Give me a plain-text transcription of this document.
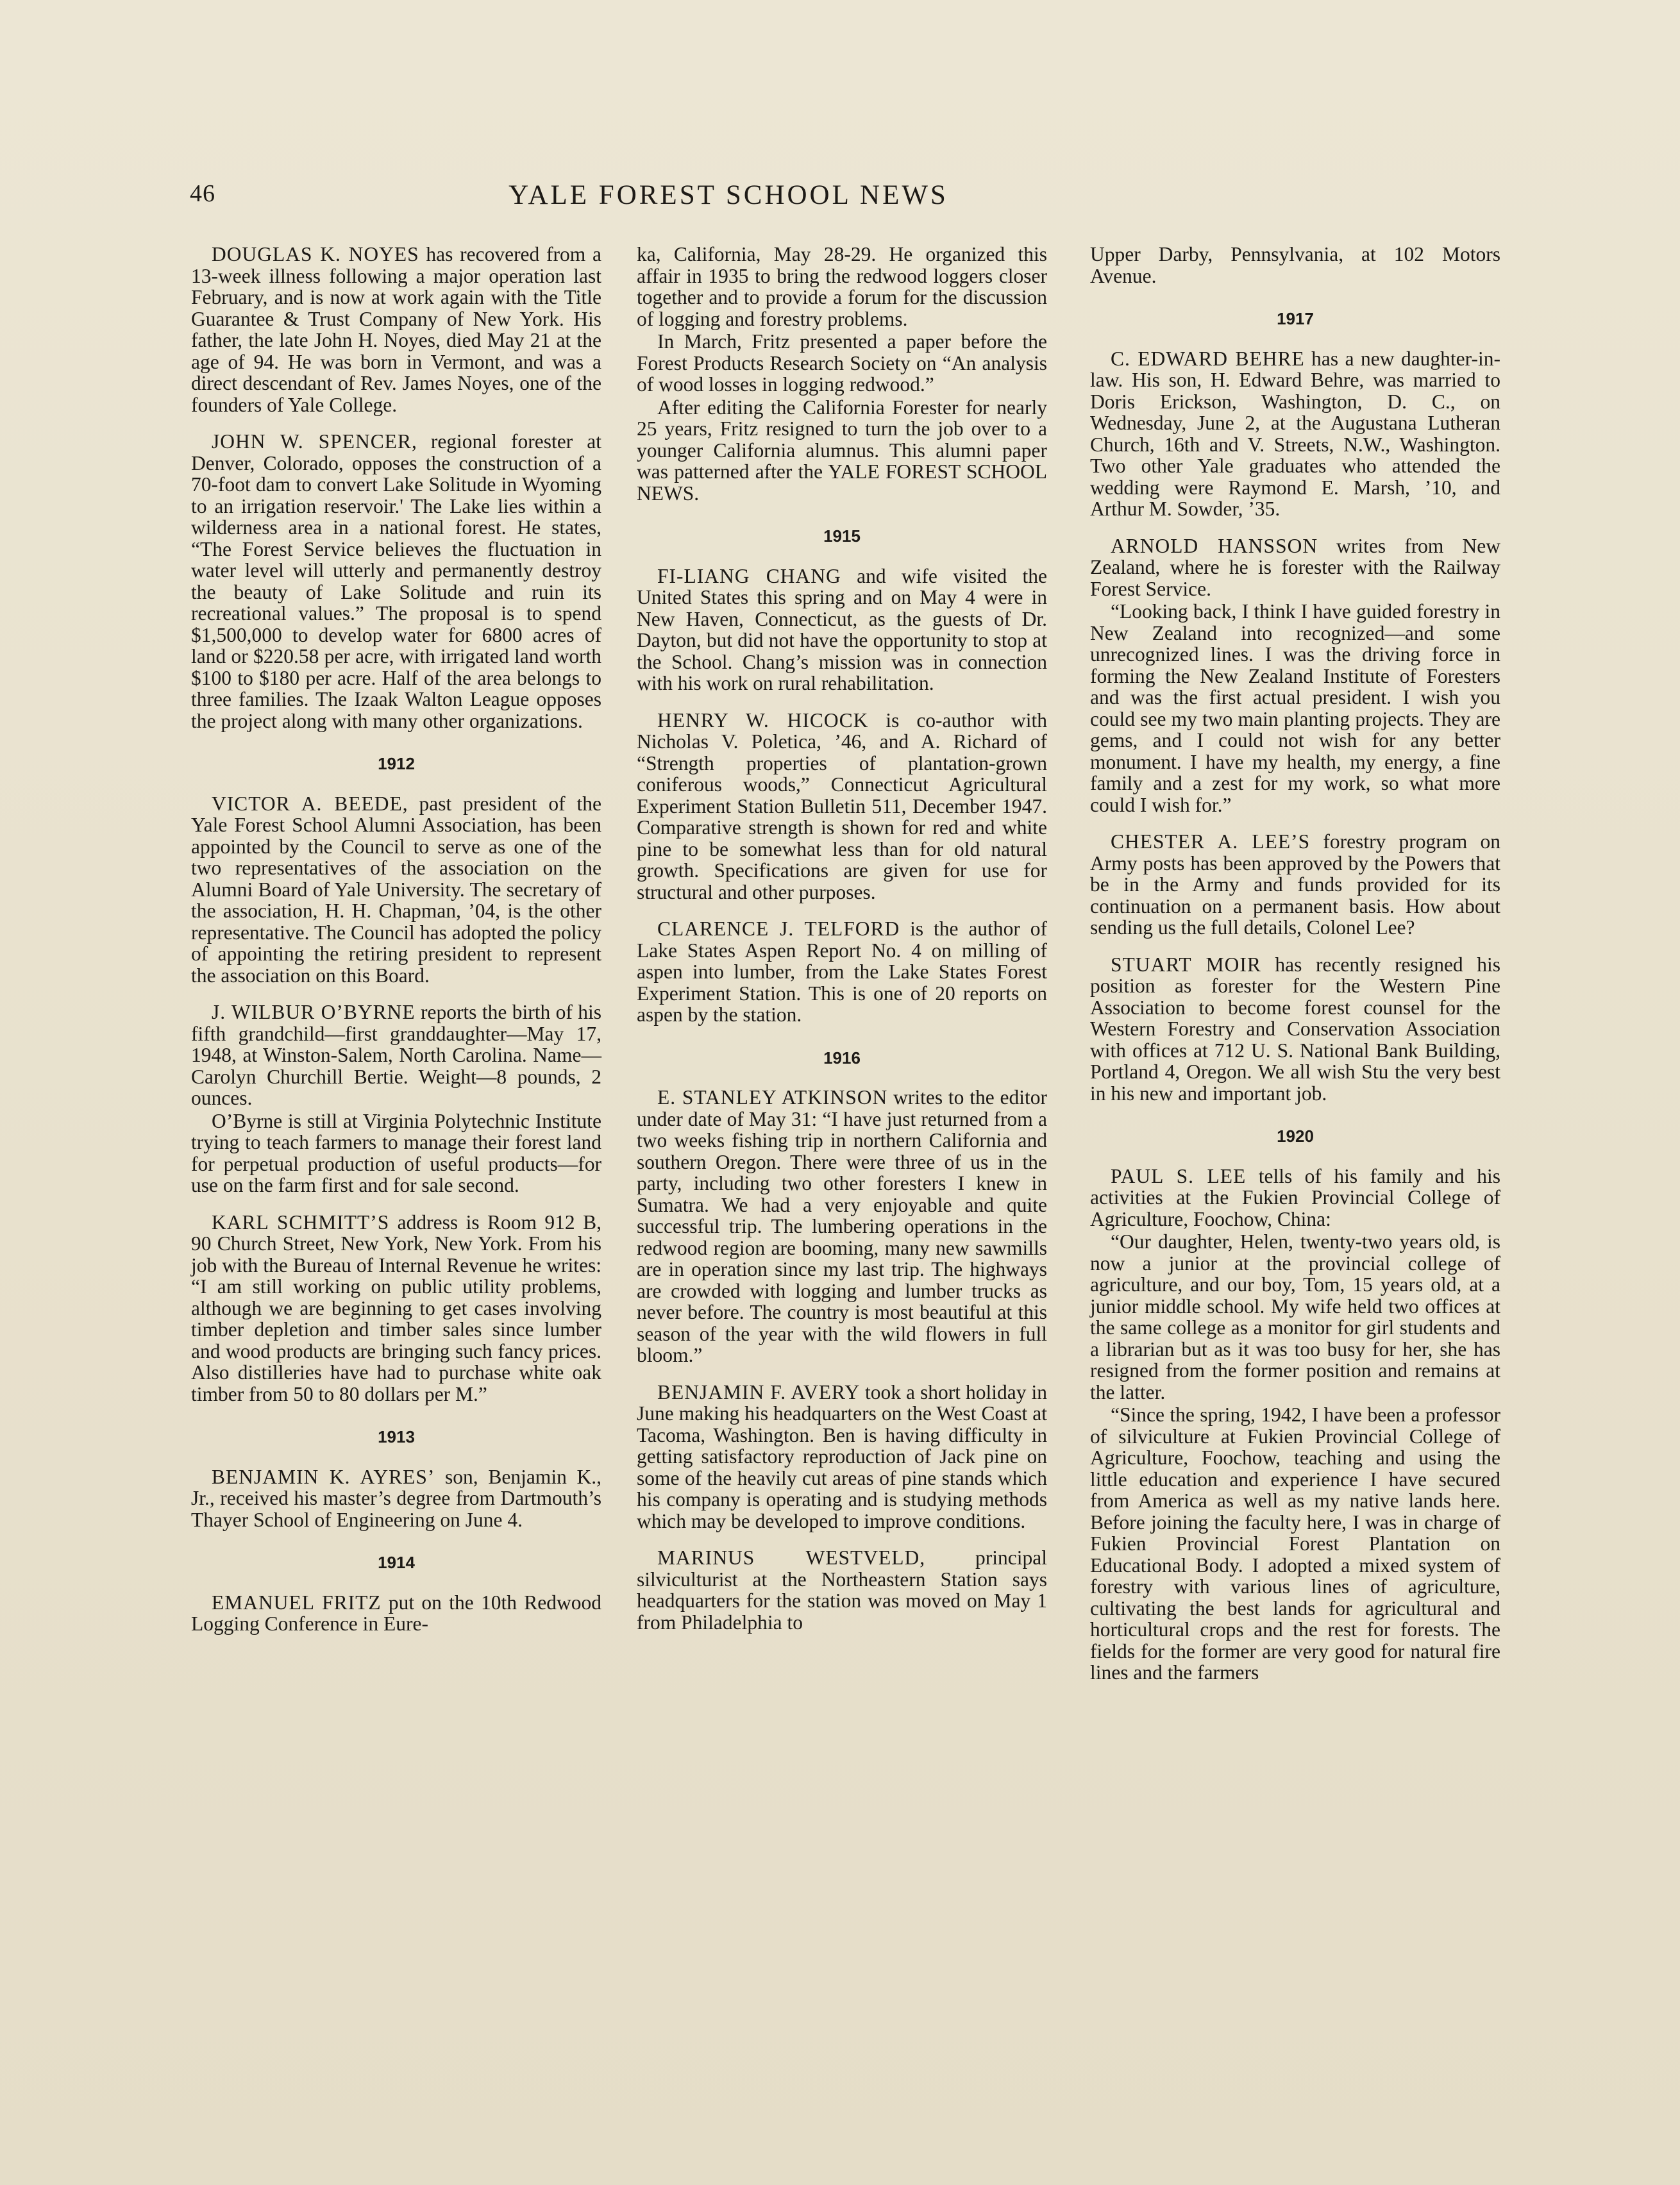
46	YALE FOREST SCHOOL NEWS

DOUGLAS K. NOYES has recovered from a 13-week illness following a major operation last February, and is now at work again with the Title Guarantee & Trust Company of New York. His father, the late John H. Noyes, died May 21 at the age of 94. He was born in Vermont, and was a direct descendant of Rev. James Noyes, one of the founders of Yale College.

JOHN W. SPENCER, regional forester at Denver, Colorado, opposes the construction of a 70-foot dam to convert Lake Solitude in Wyoming to an irrigation reservoir.' The Lake lies within a wilderness area in a national forest. He states, “The Forest Service believes the fluctuation in water level will utterly and permanently destroy the beauty of Lake Solitude and ruin its recreational values.” The proposal is to spend $1,500,000 to develop water for 6800 acres of land or $220.58 per acre, with irrigated land worth $100 to $180 per acre. Half of the area belongs to three families. The Izaak Walton League opposes the project along with many other organizations.

1912

VICTOR A. BEEDE, past president of the Yale Forest School Alumni Association, has been appointed by the Council to serve as one of the two representatives of the association on the Alumni Board of Yale University. The secretary of the association, H. H. Chapman, ’04, is the other representative. The Council has adopted the policy of appointing the retiring president to represent the association on this Board.

J. WILBUR O’BYRNE reports the birth of his fifth grandchild—first granddaughter—May 17, 1948, at Winston-Salem, North Carolina. Name—Carolyn Churchill Bertie. Weight—8 pounds, 2 ounces.

O’Byrne is still at Virginia Polytechnic Institute trying to teach farmers to manage their forest land for perpetual production of useful products—for use on the farm first and for sale second.

KARL SCHMITT’S address is Room 912 B, 90 Church Street, New York, New York. From his job with the Bureau of Internal Revenue he writes: “I am still working on public utility problems, although we are beginning to get cases involving timber depletion and timber sales since lumber and wood products are bringing such fancy prices. Also distilleries have had to purchase white oak timber from 50 to 80 dollars per M.”

1913

BENJAMIN K. AYRES’ son, Benjamin K., Jr., received his master’s degree from Dartmouth’s Thayer School of Engineering on June 4.

1914

EMANUEL FRITZ put on the 10th Redwood Logging Conference in Eure-

ka, California, May 28-29. He organized this affair in 1935 to bring the redwood loggers closer together and to provide a forum for the discussion of logging and forestry problems.

In March, Fritz presented a paper before the Forest Products Research Society on “An analysis of wood losses in logging redwood.”

After editing the California Forester for nearly 25 years, Fritz resigned to turn the job over to a younger California alumnus. This alumni paper was patterned after the YALE FOREST SCHOOL NEWS.

1915

FI-LIANG CHANG and wife visited the United States this spring and on May 4 were in New Haven, Connecticut, as the guests of Dr. Dayton, but did not have the opportunity to stop at the School. Chang’s mission was in connection with his work on rural rehabilitation.

HENRY W. HICOCK is co-author with Nicholas V. Poletica, ’46, and A. Richard of “Strength properties of plantation-grown coniferous woods,” Connecticut Agricultural Experiment Station Bulletin 511, December 1947. Comparative strength is shown for red and white pine to be somewhat less than for old natural growth. Specifications are given for use for structural and other purposes.

CLARENCE J. TELFORD is the author of Lake States Aspen Report No. 4 on milling of aspen into lumber, from the Lake States Forest Experiment Station. This is one of 20 reports on aspen by the station.

1916

E. STANLEY ATKINSON writes to the editor under date of May 31: “I have just returned from a two weeks fishing trip in northern California and southern Oregon. There were three of us in the party, including two other foresters I knew in Sumatra. We had a very enjoyable and quite successful trip. The lumbering operations in the redwood region are booming, many new sawmills are in operation since my last trip. The highways are crowded with logging and lumber trucks as never before. The country is most beautiful at this season of the year with the wild flowers in full bloom.”

BENJAMIN F. AVERY took a short holiday in June making his headquarters on the West Coast at Tacoma, Washington. Ben is having difficulty in getting satisfactory reproduction of Jack pine on some of the heavily cut areas of pine stands which his company is operating and is studying methods which may be developed to improve conditions.

MARINUS WESTVELD, principal silviculturist at the Northeastern Station says headquarters for the station was moved on May 1 from Philadelphia to

Upper Darby, Pennsylvania, at 102 Motors Avenue.

1917

C. EDWARD BEHRE has a new daughter-in-law. His son, H. Edward Behre, was married to Doris Erickson, Washington, D. C., on Wednesday, June 2, at the Augustana Lutheran Church, 16th and V. Streets, N.W., Washington. Two other Yale graduates who attended the wedding were Raymond E. Marsh, ’10, and Arthur M. Sowder, ’35.

ARNOLD HANSSON writes from New Zealand, where he is forester with the Railway Forest Service.

“Looking back, I think I have guided forestry in New Zealand into recognized—and some unrecognized lines. I was the driving force in forming the New Zealand Institute of Foresters and was the first actual president. I wish you could see my two main planting projects. They are gems, and I could not wish for any better monument. I have my health, my energy, a fine family and a zest for my work, so what more could I wish for.”

CHESTER A. LEE’S forestry program on Army posts has been approved by the Powers that be in the Army and funds provided for its continuation on a permanent basis. How about sending us the full details, Colonel Lee?

STUART MOIR has recently resigned his position as forester for the Western Pine Association to become forest counsel for the Western Forestry and Conservation Association with offices at 712 U. S. National Bank Building, Portland 4, Oregon. We all wish Stu the very best in his new and important job.

1920

PAUL S. LEE tells of his family and his activities at the Fukien Provincial College of Agriculture, Foochow, China:

“Our daughter, Helen, twenty-two years old, is now a junior at the provincial college of agriculture, and our boy, Tom, 15 years old, at a junior middle school. My wife held two offices at the same college as a monitor for girl students and a librarian but as it was too busy for her, she has resigned from the former position and remains at the latter.

“Since the spring, 1942, I have been a professor of silviculture at Fukien Provincial College of Agriculture, Foochow, teaching and using the little education and experience I have secured from America as well as my native lands here. Before joining the faculty here, I was in charge of Fukien Provincial Forest Plantation on Educational Body. I adopted a mixed system of forestry with various lines of agriculture, cultivating the best lands for agricultural and horticultural crops and the rest for forests. The fields for the former are very good for natural fire lines and the farmers
